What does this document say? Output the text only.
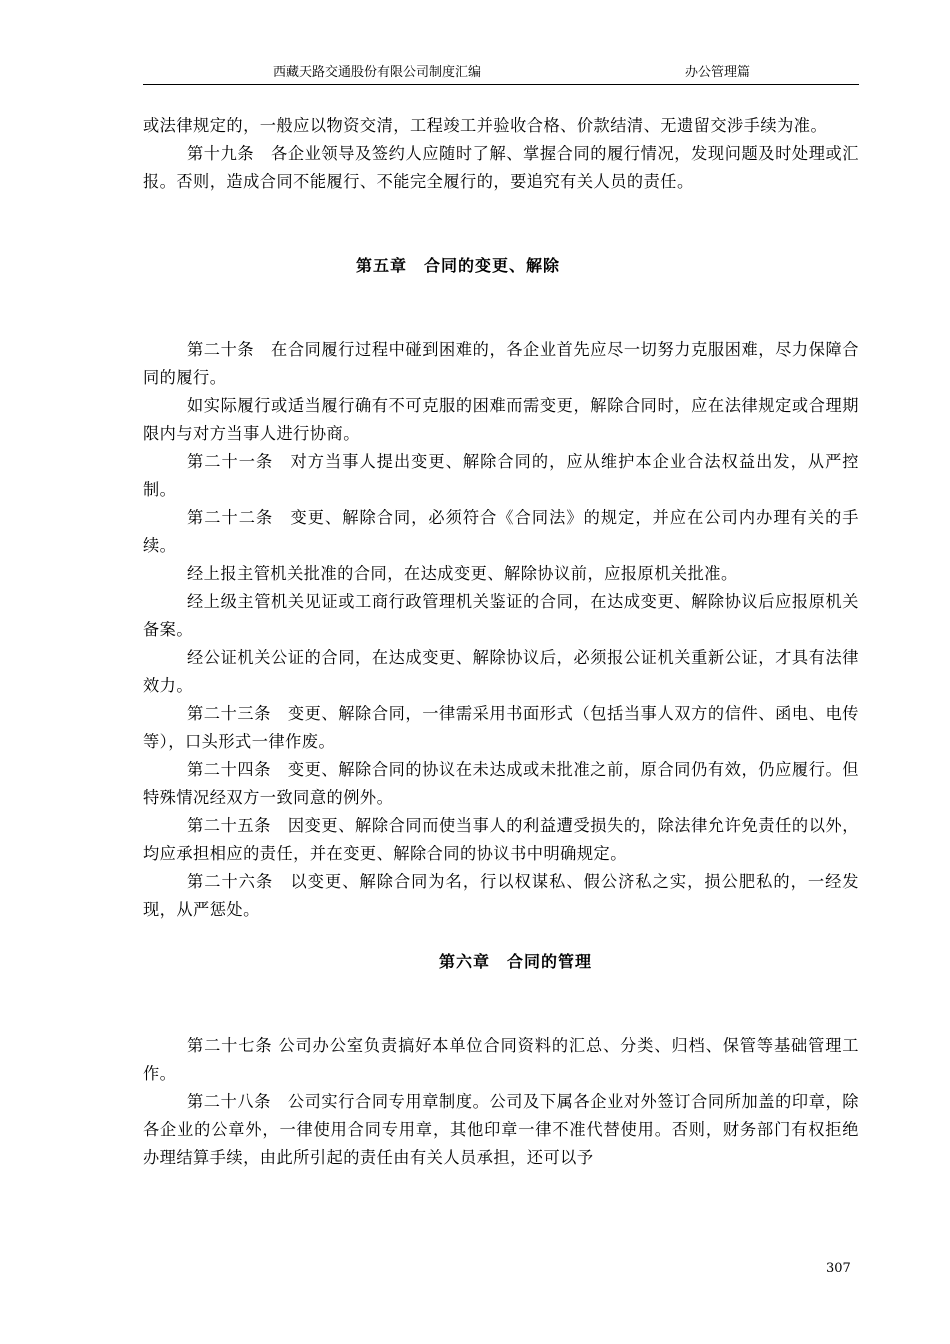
西藏天路交通股份有限公司制度汇编	办公管理篇

或法律规定的，一般应以物资交清，工程竣工并验收合格、价款结清、无遗留交涉手续为准。

第十九条　各企业领导及签约人应随时了解、掌握合同的履行情况，发现问题及时处理或汇报。否则，造成合同不能履行、不能完全履行的，要追究有关人员的责任。

第五章　合同的变更、解除

第二十条　在合同履行过程中碰到困难的，各企业首先应尽一切努力克服困难，尽力保障合同的履行。

如实际履行或适当履行确有不可克服的困难而需变更，解除合同时，应在法律规定或合理期限内与对方当事人进行协商。

第二十一条　对方当事人提出变更、解除合同的，应从维护本企业合法权益出发，从严控制。

第二十二条　变更、解除合同，必须符合《合同法》的规定，并应在公司内办理有关的手续。

经上报主管机关批准的合同，在达成变更、解除协议前，应报原机关批准。

经上级主管机关见证或工商行政管理机关鉴证的合同，在达成变更、解除协议后应报原机关备案。

经公证机关公证的合同，在达成变更、解除协议后，必须报公证机关重新公证，才具有法律效力。

第二十三条　变更、解除合同，一律需采用书面形式（包括当事人双方的信件、函电、电传等），口头形式一律作废。

第二十四条　变更、解除合同的协议在未达成或未批准之前，原合同仍有效，仍应履行。但特殊情况经双方一致同意的例外。

第二十五条　因变更、解除合同而使当事人的利益遭受损失的，除法律允许免责任的以外，均应承担相应的责任，并在变更、解除合同的协议书中明确规定。

第二十六条　以变更、解除合同为名，行以权谋私、假公济私之实，损公肥私的，一经发现，从严惩处。

第六章　合同的管理

第二十七条 公司办公室负责搞好本单位合同资料的汇总、分类、归档、保管等基础管理工作。

第二十八条　公司实行合同专用章制度。公司及下属各企业对外签订合同所加盖的印章，除各企业的公章外，一律使用合同专用章，其他印章一律不准代替使用。否则，财务部门有权拒绝办理结算手续，由此所引起的责任由有关人员承担，还可以予

307
